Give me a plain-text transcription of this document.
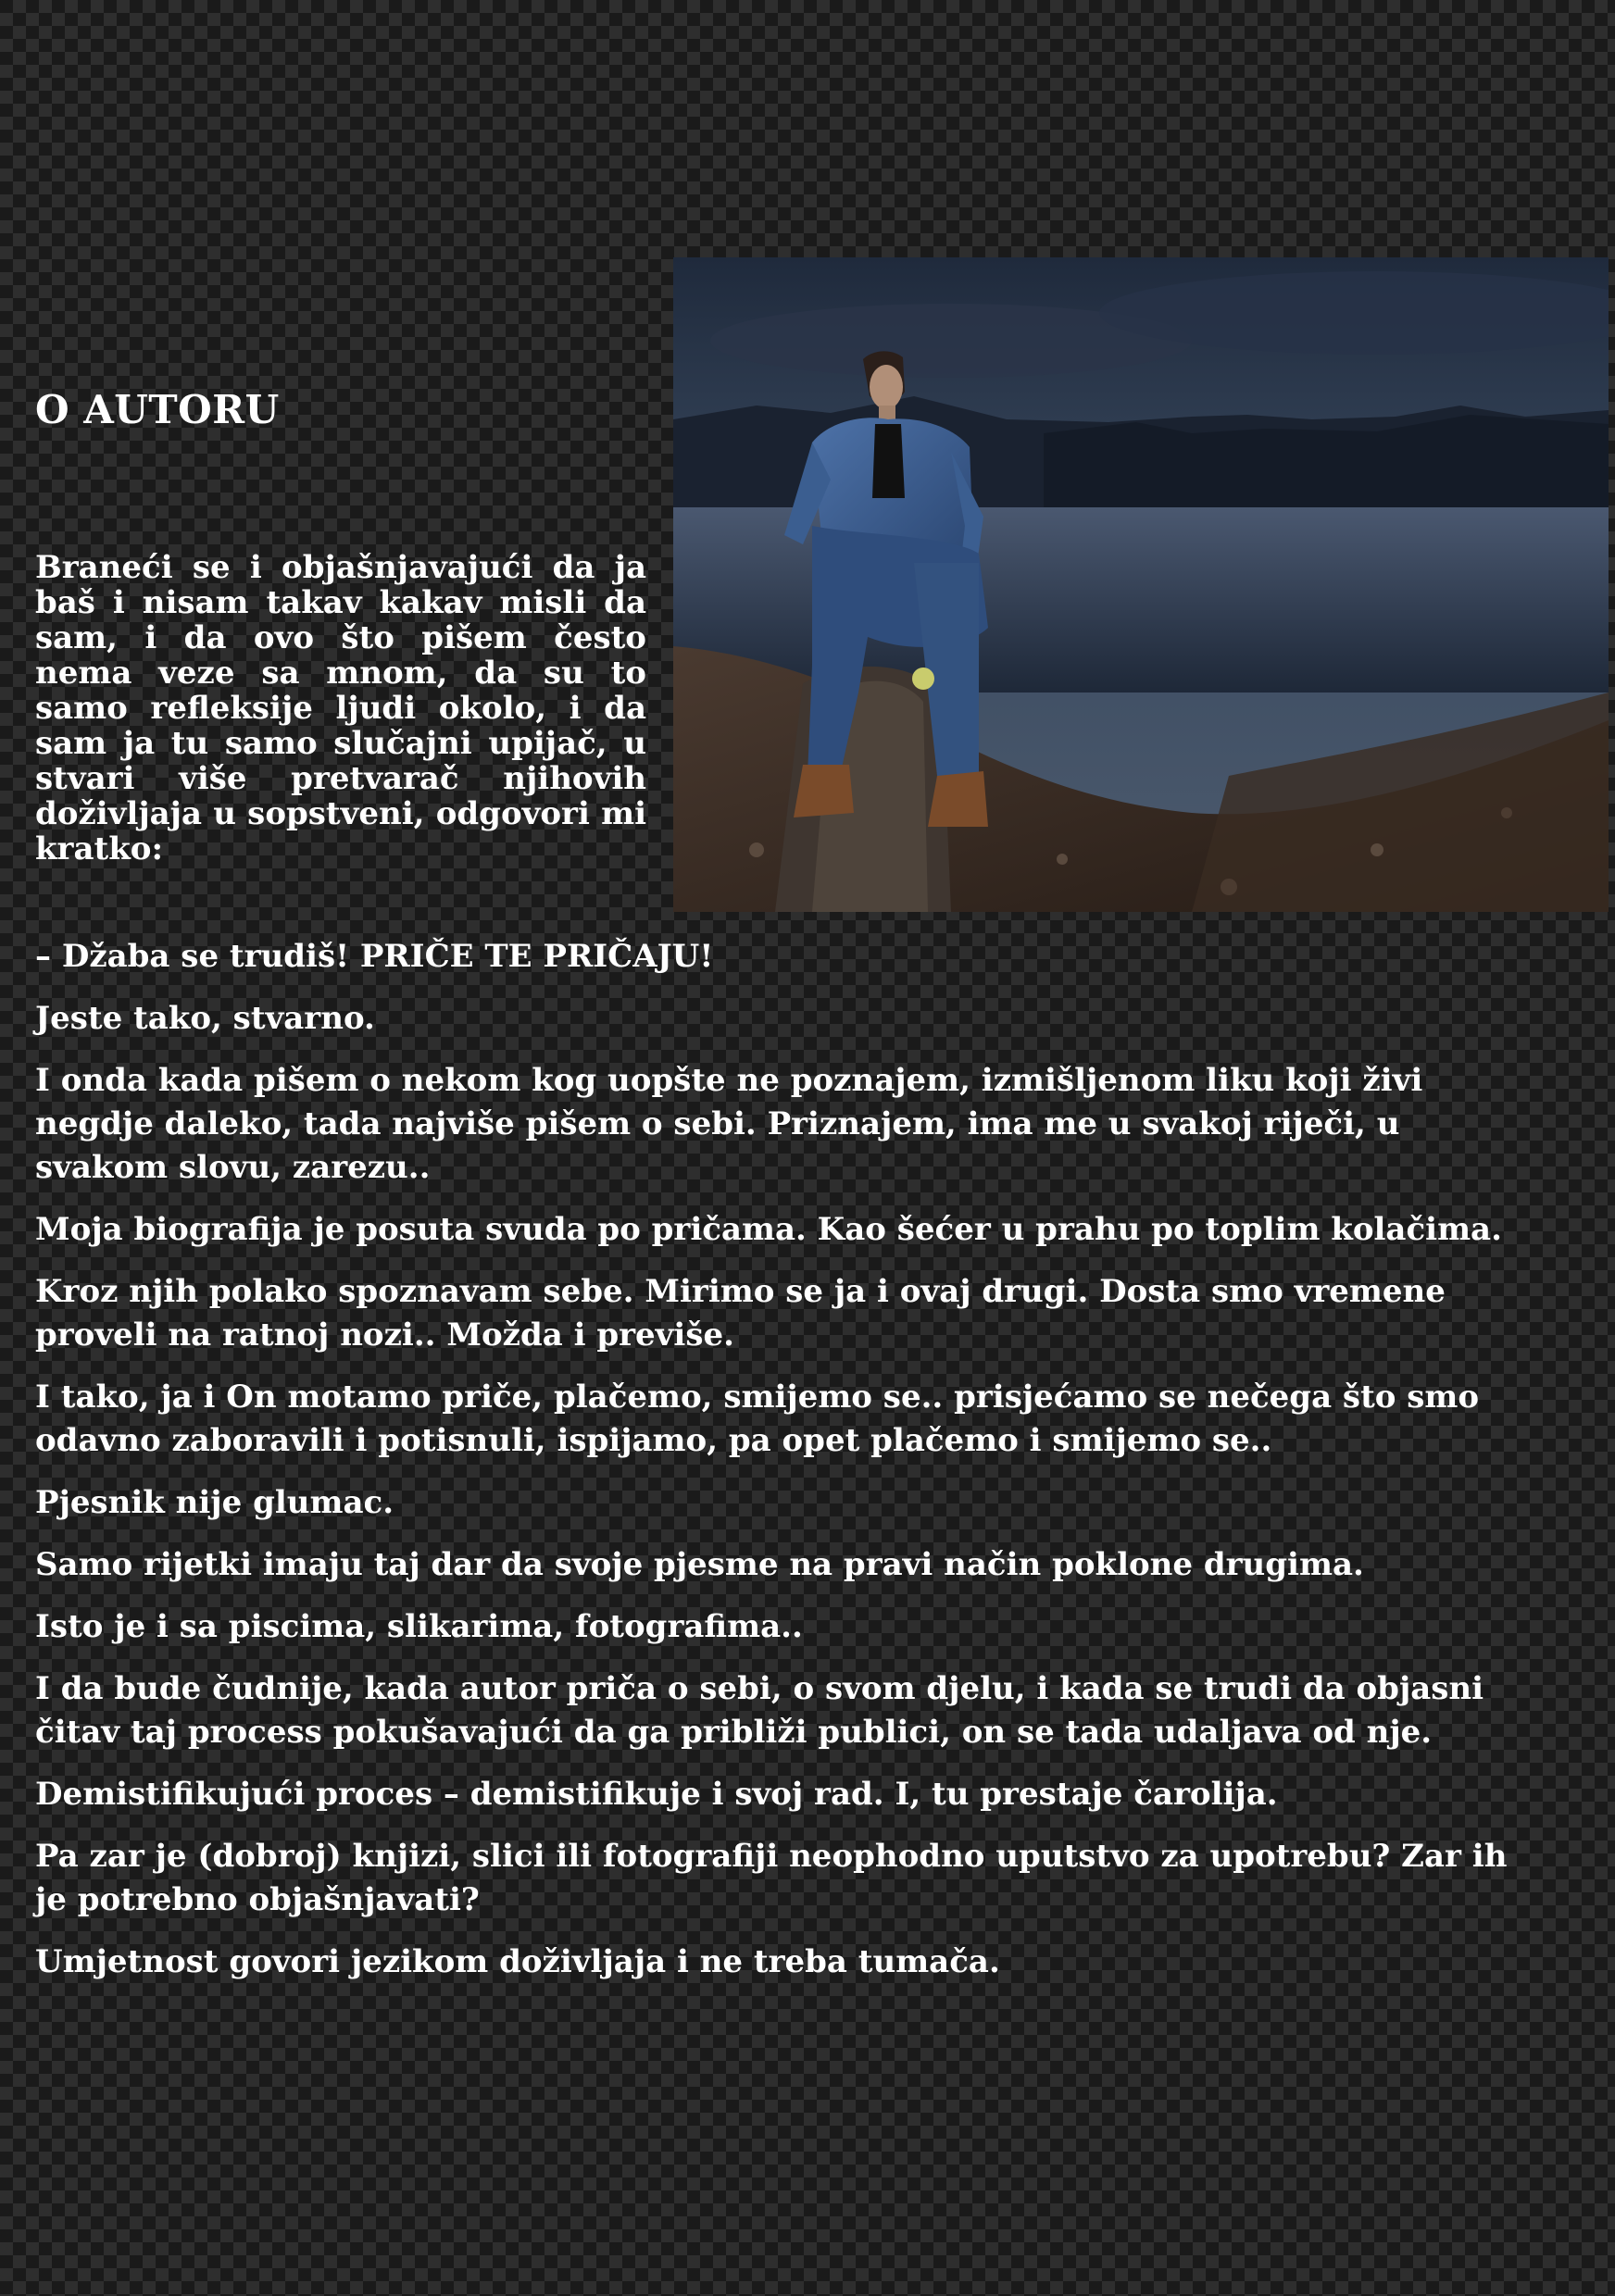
O AUTORU

Braneći se i objašnjavajući da ja baš i nisam takav kakav misli da sam, i da ovo što pišem često nema veze sa mnom, da su to samo refleksije ljudi okolo, i da sam ja tu samo slučajni upijač, u stvari više pretvarač njihovih doživljaja u sopstveni, odgovori mi kratko:

– Džaba se trudiš! PRIČE TE PRIČAJU!

Jeste tako, stvarno.

I onda kada pišem o nekom kog uopšte ne poznajem, izmišljenom liku koji živi negdje daleko, tada najviše pišem o sebi. Priznajem, ima me u svakoj riječi, u svakom slovu, zarezu..

Moja biografija je posuta svuda po pričama. Kao šećer u prahu po toplim kolačima.

Kroz njih polako spoznavam sebe. Mirimo se ja i ovaj drugi. Dosta smo vremene proveli na ratnoj nozi.. Možda i previše.

I tako, ja i On motamo priče, plačemo, smijemo se.. prisjećamo se nečega što smo odavno zaboravili i potisnuli, ispijamo, pa opet plačemo i smijemo se..

Pjesnik nije glumac.

Samo rijetki imaju taj dar da svoje pjesme na pravi način poklone drugima.

Isto je i sa piscima, slikarima, fotografima..

I da bude čudnije, kada autor priča o sebi, o svom djelu, i kada se trudi da objasni čitav taj process pokušavajući da ga približi publici, on se tada udaljava od nje.

Demistifikujući proces – demistifikuje i svoj rad. I, tu prestaje čarolija.

Pa zar je (dobroj) knjizi, slici ili fotografiji neophodno uputstvo za upotrebu? Zar ih je potrebno objašnjavati?

Umjetnost govori jezikom doživljaja i ne treba tumača.
